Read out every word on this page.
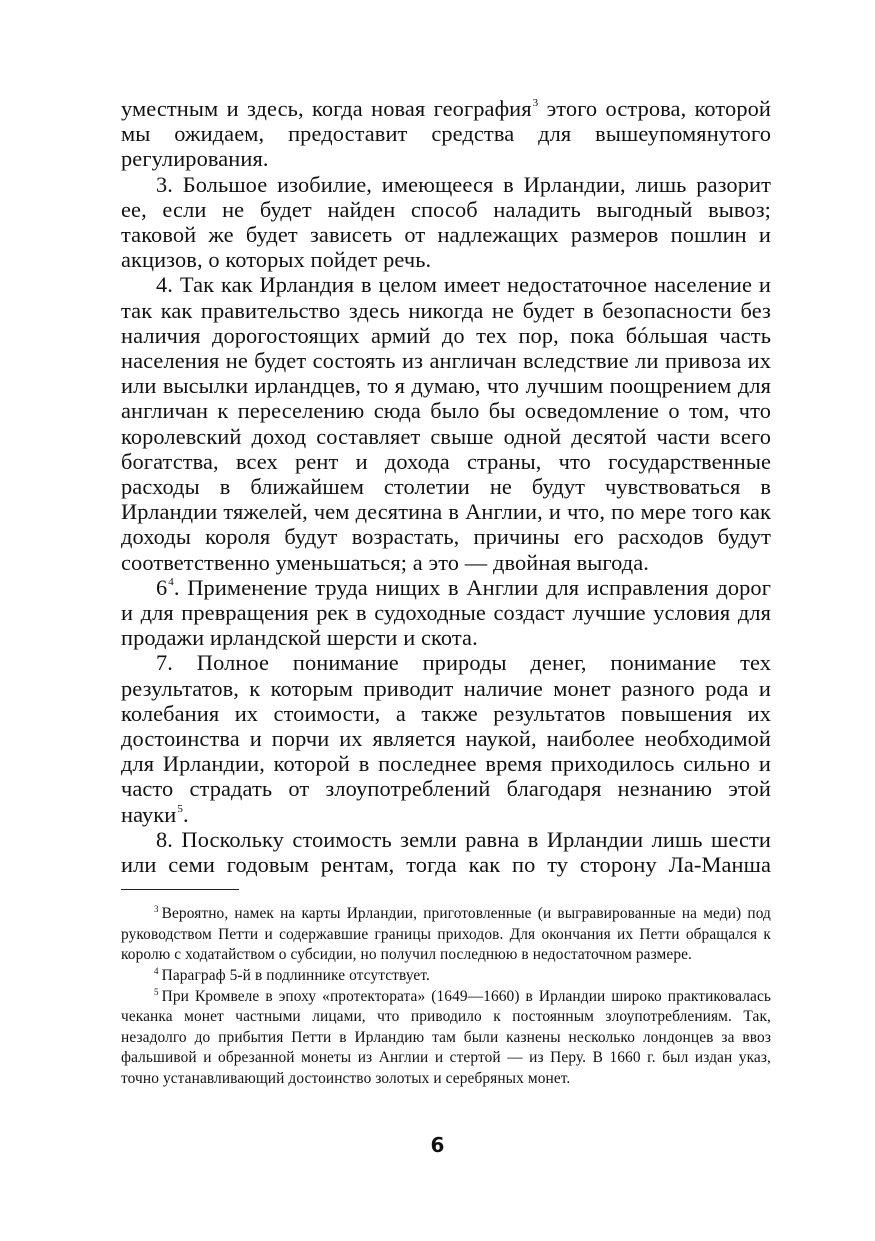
уместным и здесь, когда новая география$^3$ этого острова, которой мы ожидаем, предоставит средства для вышеупомянутого регулирования.

3. Большое изобилие, имеющееся в Ирландии, лишь разорит ее, если не будет найден способ наладить выгодный вывоз; таковой же будет зависеть от надлежащих размеров пошлин и акцизов, о которых пойдет речь.

4. Так как Ирландия в целом имеет недостаточное население и так как правительство здесь никогда не будет в безопасности без наличия дорогостоящих армий до тех пор, пока бóльшая часть населения не будет состоять из англичан вследствие ли привоза их или высылки ирландцев, то я думаю, что лучшим поощрением для англичан к переселению сюда было бы осведомление о том, что королевский доход составляет свыше одной десятой части всего богатства, всех рент и дохода страны, что государственные расходы в ближайшем столетии не будут чувствоваться в Ирландии тяжелей, чем десятина в Англии, и что, по мере того как доходы короля будут возрастать, причины его расходов будут соответственно уменьшаться; а это — двойная выгода.

6$^4$. Применение труда нищих в Англии для исправления дорог и для превращения рек в судоходные создаст лучшие условия для продажи ирландской шерсти и скота.

7. Полное понимание природы денег, понимание тех результатов, к которым приводит наличие монет разного рода и колебания их стоимости, а также результатов повышения их достоинства и порчи их является наукой, наиболее необходимой для Ирландии, которой в последнее время приходилось сильно и часто страдать от злоупотреблений благодаря незнанию этой науки$^5$.

8. Поскольку стоимость земли равна в Ирландии лишь шести или семи годовым рентам, тогда как по ту сторону Ла-Манша

$^3$ Вероятно, намек на карты Ирландии, приготовленные (и выгравированные на меди) под руководством Петти и содержавшие границы приходов. Для окончания их Петти обращался к королю с ходатайством о субсидии, но получил последнюю в недостаточном размере.

$^4$ Параграф 5-й в подлиннике отсутствует.

$^5$ При Кромвеле в эпоху «протектората» (1649—1660) в Ирландии широко практиковалась чеканка монет частными лицами, что приводило к постоянным злоупотреблениям. Так, незадолго до прибытия Петти в Ирландию там были казнены несколько лондонцев за ввоз фальшивой и обрезанной монеты из Англии и стертой — из Перу. В 1660 г. был издан указ, точно устанавливающий достоинство золотых и серебряных монет.

6
